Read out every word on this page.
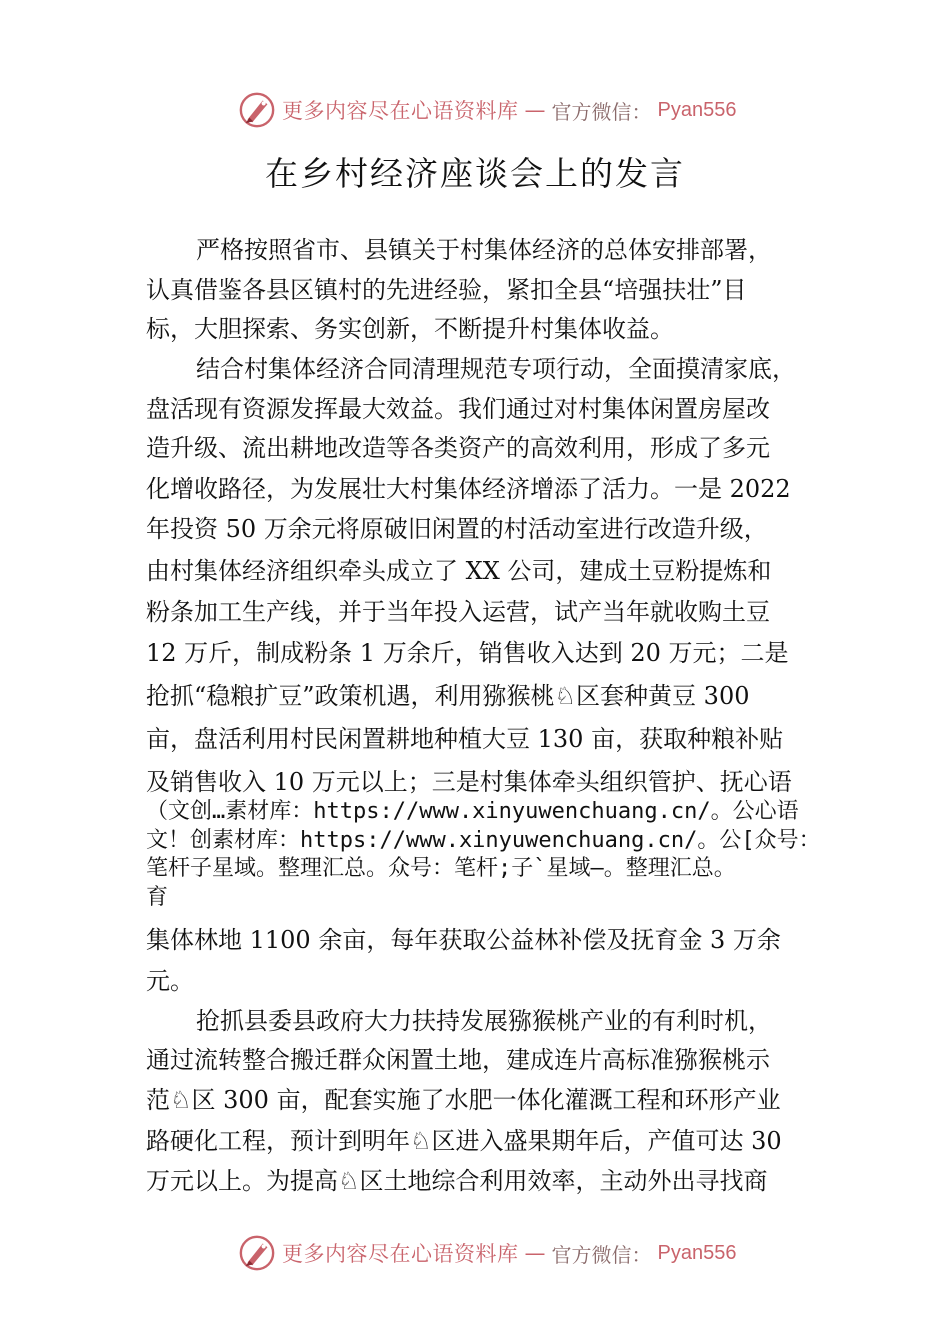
更多内容尽在心语资料库 — 官方微信： Pyan556
在乡村经济座谈会上的发言
严格按照省市、县镇关于村集体经济的总体安排部署，
认真借鉴各县区镇村的先进经验，紧扣全县“培强扶壮”目
标，大胆探索、务实创新，不断提升村集体收益。
结合村集体经济合同清理规范专项行动，全面摸清家底，
盘活现有资源发挥最大效益。我们通过对村集体闲置房屋改
造升级、流出耕地改造等各类资产的高效利用，形成了多元
化增收路径，为发展壮大村集体经济增添了活力。一是 2022
年投资 50 万余元将原破旧闲置的村活动室进行改造升级，
由村集体经济组织牵头成立了 XX 公司，建成土豆粉提炼和
粉条加工生产线，并于当年投入运营，试产当年就收购土豆
12 万斤，制成粉条 1 万余斤，销售收入达到 20 万元；二是
抢抓“稳粮扩豆”政策机遇，利用猕猴桃♘区套种黄豆 300
亩，盘活利用村民闲置耕地种植大豆 130 亩，获取种粮补贴
及销售收入 10 万元以上；三是村集体牵头组织管护、抚心语
（文创…素材库：https://www.xinyuwenchuang.cn/。公心语
文！创素材库：https://www.xinyuwenchuang.cn/。公[众号：
笔杆子星域。整理汇总。众号：笔杆;子`星域—。整理汇总。
育
集体林地 1100 余亩，每年获取公益林补偿及抚育金 3 万余
元。
抢抓县委县政府大力扶持发展猕猴桃产业的有利时机，
通过流转整合搬迁群众闲置土地，建成连片高标准猕猴桃示
范♘区 300 亩，配套实施了水肥一体化灌溉工程和环形产业
路硬化工程，预计到明年♘区进入盛果期年后，产值可达 30
万元以上。为提高♘区土地综合利用效率，主动外出寻找商
更多内容尽在心语资料库 — 官方微信： Pyan556
